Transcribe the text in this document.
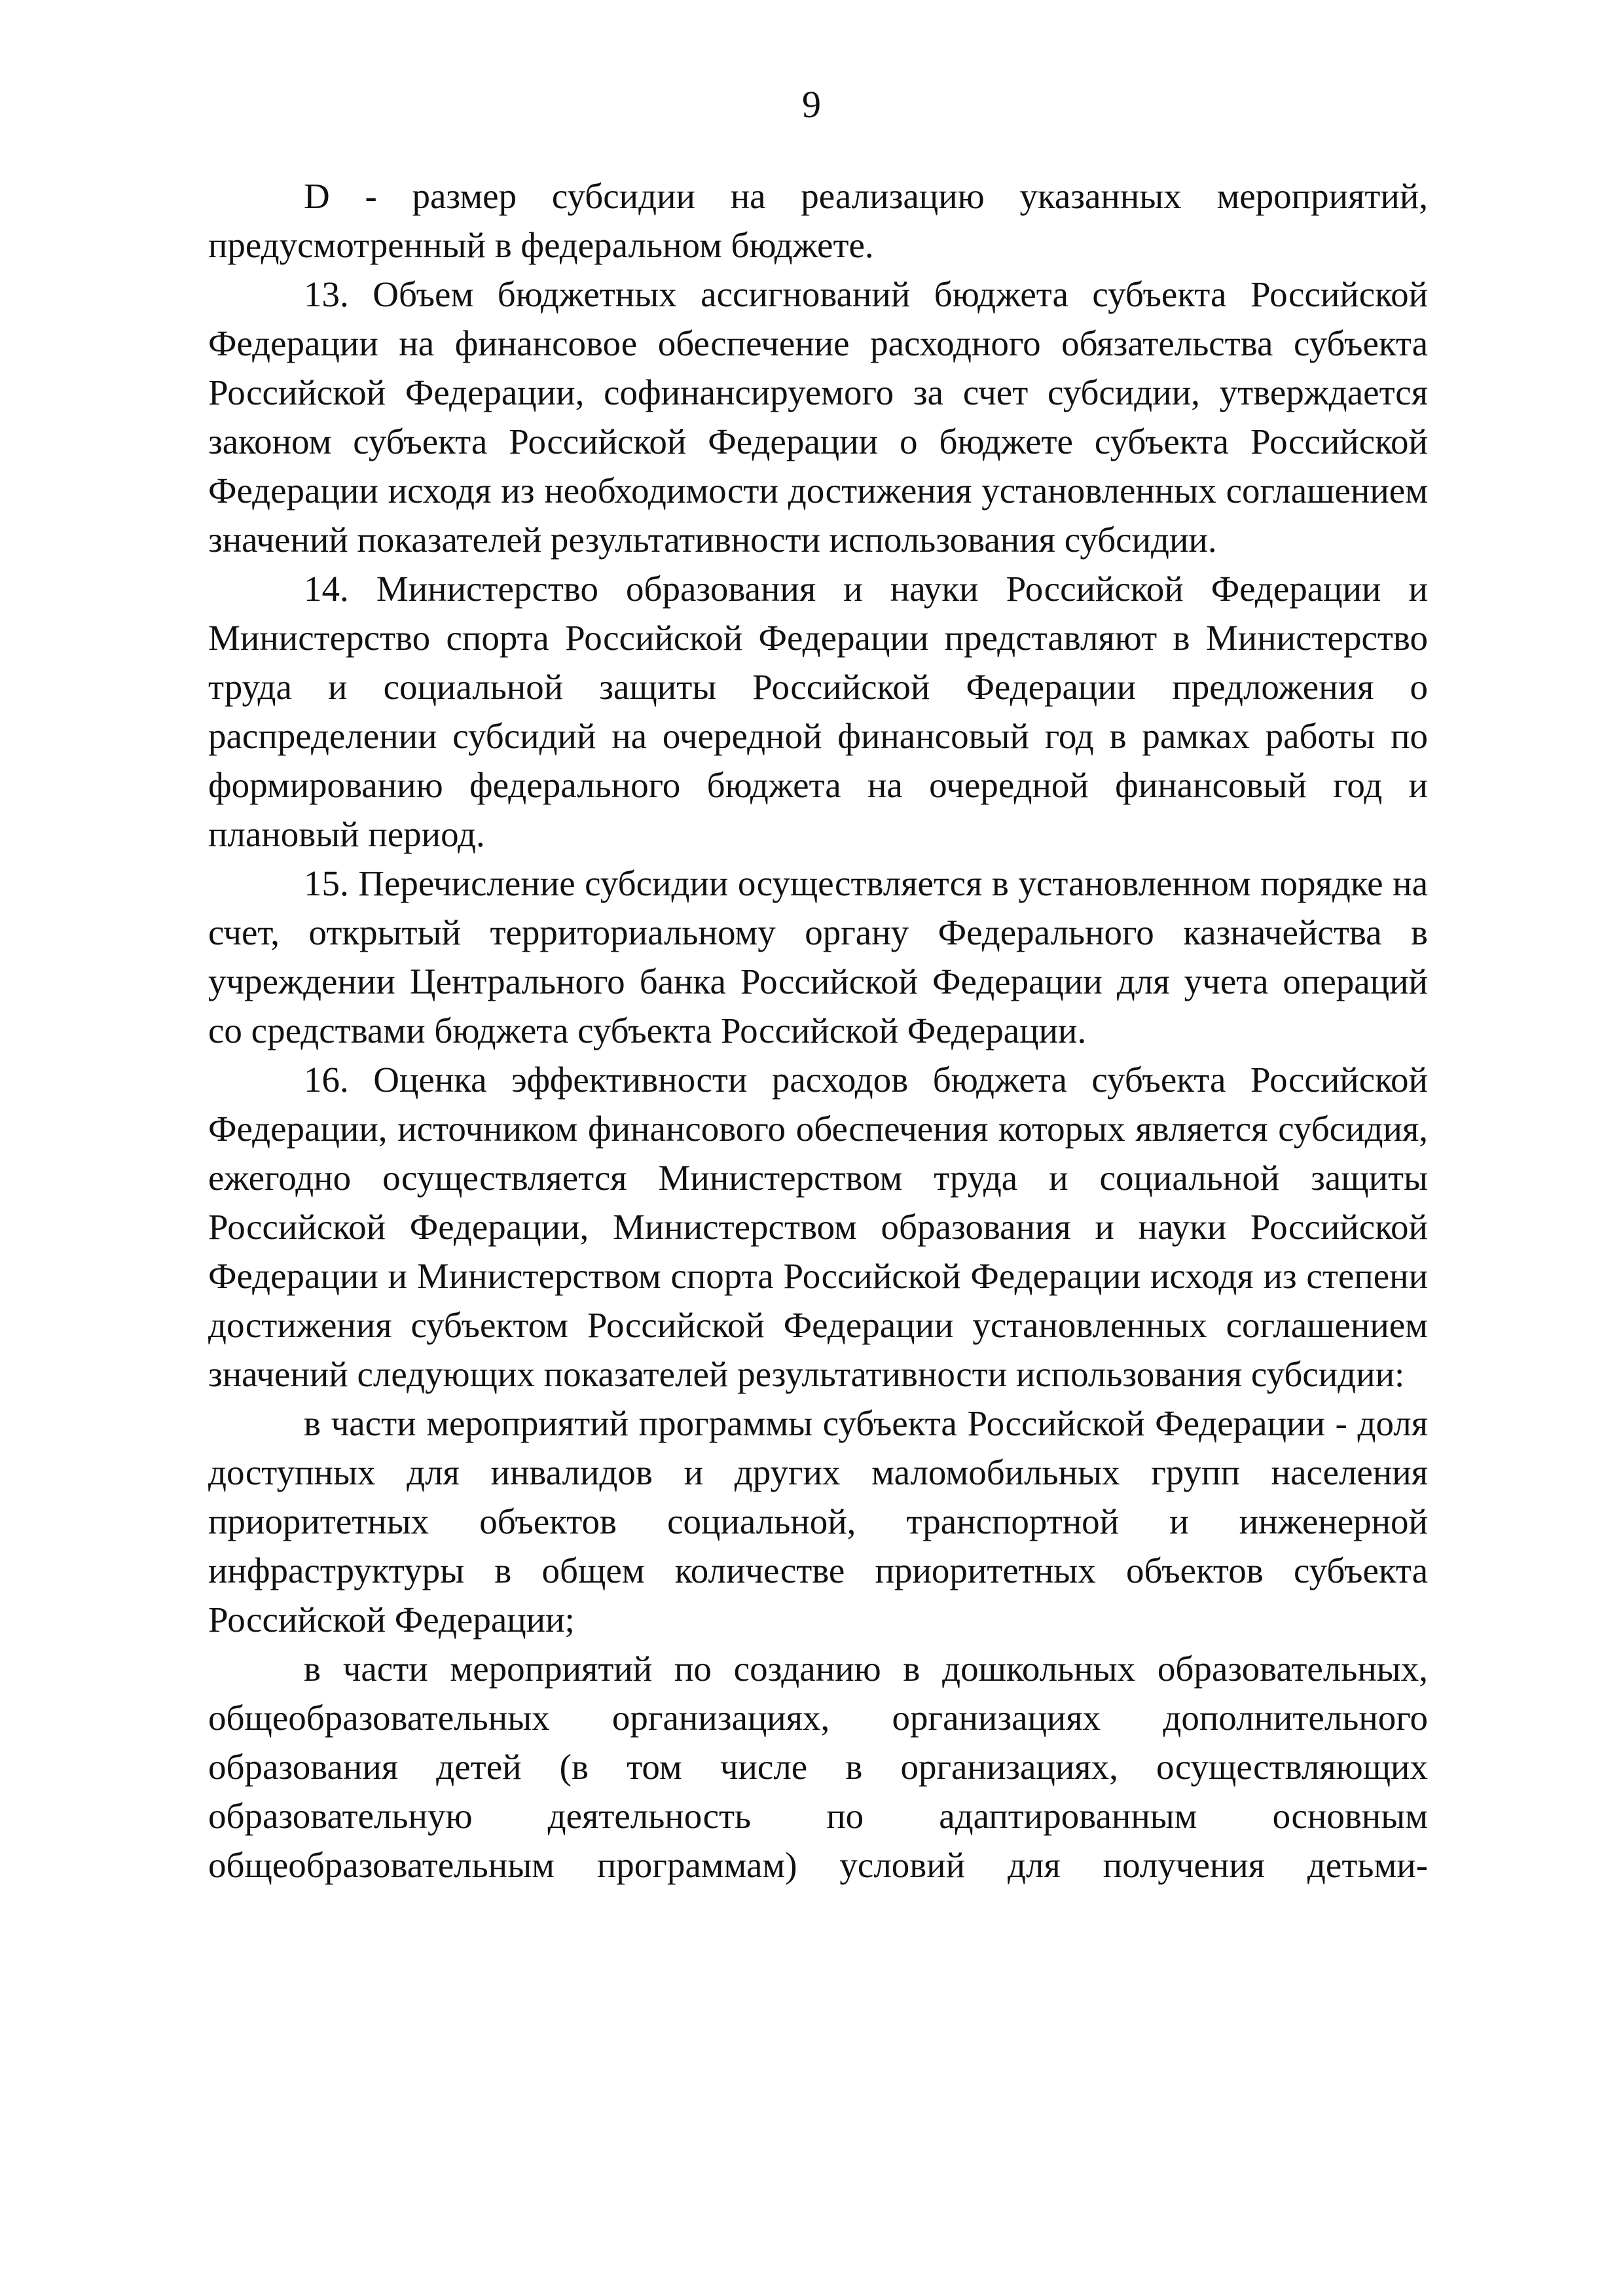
9

D - размер субсидии на реализацию указанных мероприятий, предусмотренный в федеральном бюджете.

13. Объем бюджетных ассигнований бюджета субъекта Российской Федерации на финансовое обеспечение расходного обязательства субъекта Российской Федерации, софинансируемого за счет субсидии, утверждается законом субъекта Российской Федерации о бюджете субъекта Российской Федерации исходя из необходимости достижения установленных соглашением значений показателей результативности использования субсидии.

14. Министерство образования и науки Российской Федерации и Министерство спорта Российской Федерации представляют в Министерство труда и социальной защиты Российской Федерации предложения о распределении субсидий на очередной финансовый год в рамках работы по формированию федерального бюджета на очередной финансовый год и плановый период.

15. Перечисление субсидии осуществляется в установленном порядке на счет, открытый территориальному органу Федерального казначейства в учреждении Центрального банка Российской Федерации для учета операций со средствами бюджета субъекта Российской Федерации.

16. Оценка эффективности расходов бюджета субъекта Российской Федерации, источником финансового обеспечения которых является субсидия, ежегодно осуществляется Министерством труда и социальной защиты Российской Федерации, Министерством образования и науки Российской Федерации и Министерством спорта Российской Федерации исходя из степени достижения субъектом Российской Федерации установленных соглашением значений следующих показателей результативности использования субсидии:

в части мероприятий программы субъекта Российской Федерации - доля доступных для инвалидов и других маломобильных групп населения приоритетных объектов социальной, транспортной и инженерной инфраструктуры в общем количестве приоритетных объектов субъекта Российской Федерации;

в части мероприятий по созданию в дошкольных образовательных, общеобразовательных организациях, организациях дополнительного образования детей (в том числе в организациях, осуществляющих образовательную деятельность по адаптированным основным общеобразовательным программам) условий для получения детьми-
